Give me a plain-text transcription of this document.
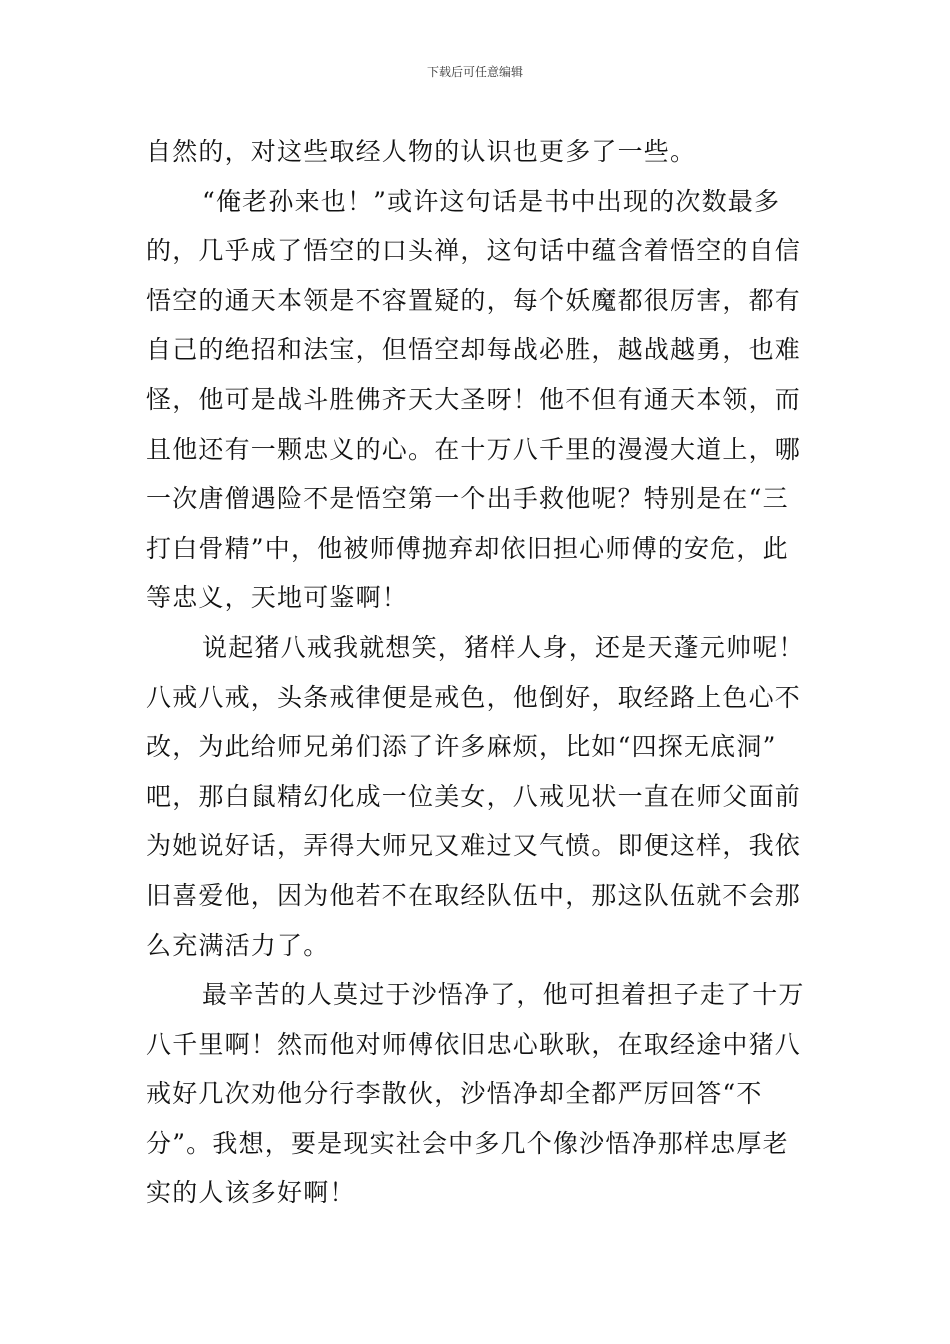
下载后可任意编辑
自然的，对这些取经人物的认识也更多了一些。
“俺老孙来也！”或许这句话是书中出现的次数最多
的，几乎成了悟空的口头禅，这句话中蕴含着悟空的自信
悟空的通天本领是不容置疑的，每个妖魔都很厉害，都有
自己的绝招和法宝，但悟空却每战必胜，越战越勇，也难
怪，他可是战斗胜佛齐天大圣呀！他不但有通天本领，而
且他还有一颗忠义的心。在十万八千里的漫漫大道上，哪
一次唐僧遇险不是悟空第一个出手救他呢？特别是在“三
打白骨精”中，他被师傅抛弃却依旧担心师傅的安危，此
等忠义，天地可鉴啊！
说起猪八戒我就想笑，猪样人身，还是天蓬元帅呢！
八戒八戒，头条戒律便是戒色，他倒好，取经路上色心不
改，为此给师兄弟们添了许多麻烦，比如“四探无底洞”
吧，那白鼠精幻化成一位美女，八戒见状一直在师父面前
为她说好话，弄得大师兄又难过又气愤。即便这样，我依
旧喜爱他，因为他若不在取经队伍中，那这队伍就不会那
么充满活力了。
最辛苦的人莫过于沙悟净了，他可担着担子走了十万
八千里啊！然而他对师傅依旧忠心耿耿，在取经途中猪八
戒好几次劝他分行李散伙，沙悟净却全都严厉回答“不
分”。我想，要是现实社会中多几个像沙悟净那样忠厚老
实的人该多好啊！
